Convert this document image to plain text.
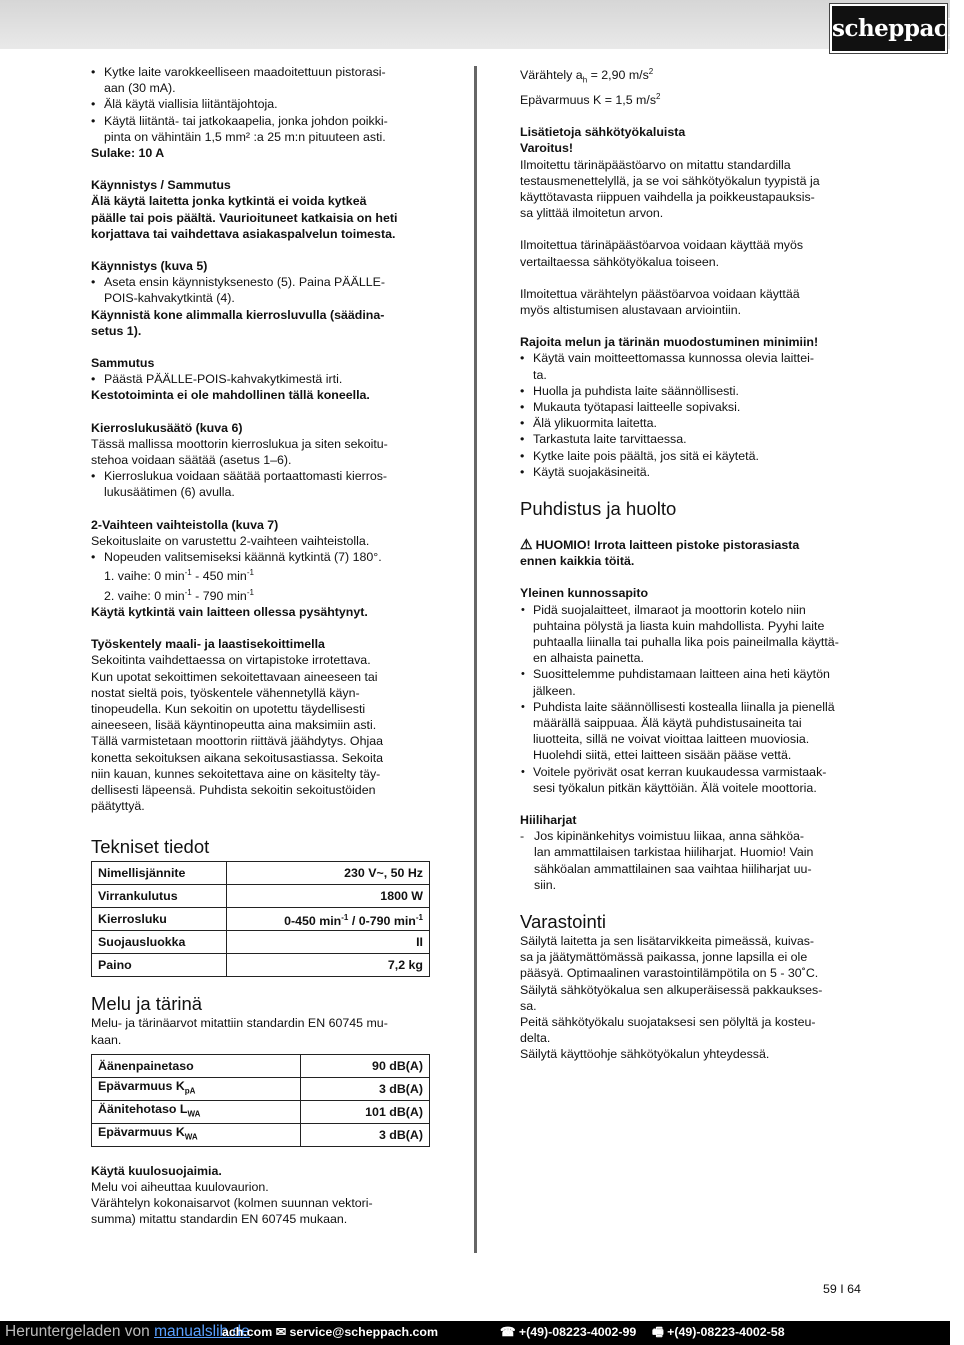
scheppach
• Kytke laite varokkeelliseen maadoitettuun pistorasi-
aan (30 mA).
• Älä käytä viallisia liitäntäjohtoja.
• Käytä liitäntä- tai jatkokaapelia, jonka johdon poikki-
pinta on vähintäin 1,5 mm² :a 25 m:n pituuteen asti.

Sulake: 10 A

Käynnistys / Sammutus

Älä käytä laitetta jonka kytkintä ei voida kytkeä
päälle tai pois päältä. Vaurioituneet katkaisia on heti
korjattava tai vaihdettava asiakaspalvelun toimesta.

Käynnistys (kuva 5)

• Aseta ensin käynnistyksenesto (5). Paina PÄÄLLE-
POIS-kahvakytkintä (4).

Käynnistä kone alimmalla kierrosluvulla (säädina-
setus 1).

Sammutus

• Päästä PÄÄLLE-POIS-kahvakytkimestä irti.

Kestotoiminta ei ole mahdollinen tällä koneella.

Kierroslukusäätö (kuva 6)

Tässä mallissa moottorin kierroslukua ja siten sekoitu-
stehoa voidaan säätää (asetus 1–6).

• Kierroslukua voidaan säätää portaattomasti kierros-
lukusäätimen (6) avulla.

2-Vaihteen vaihteistolla (kuva 7)

Sekoituslaite on varustettu 2-vaihteen vaihteistolla.

• Nopeuden valitsemiseksi käännä kytkintä (7) 180°.

1. vaihe: 0 $\min^{-1} - 450$ $\min^{-1}$

2. vaihe: 0 $\min^{-1} - 790$ $\min^{-1}$

Käytä kytkintä vain laitteen ollessa pysähtynyt.

Työskentely maali- ja laastisekoittimella

Sekoitinta vaihdettaessa on virtapistoke irrotettava.
Kun upotat sekoittimen sekoitettavaan aineeseen tai
nostat sieltä pois, työskentele vähennetyllä käyn-
tinopeudella. Kun sekoitin on upotettu täydellisesti
aineeseen, lisää käyntinopeutta aina maksimiin asti.
Tällä varmistetaan moottorin riittävä jäähdytys. Ohjaa
konetta sekoituksen aikana sekoitusastiassa. Sekoita
niin kauan, kunnes sekoitettava aine on käsitelty täy-
dellisesti läpeensä. Puhdista sekoitin sekoitustöiden
päätyttyä.

Tekniset tiedot

Nimellisjännite	230 V~, 50 Hz
Virrankulutus	1800 W
Kierrosluku	0-450 $\min^{-1} / 0-790$ $\min^{-1}$
Suojausluokka	II
Paino	7,2 kg

Melu ja tärinä

Melu- ja tärinäarvot mitattiin standardin EN 60745 mu-
kaan.

Äänenpainetaso	90 dB(A)
Epävarmuus $K_{pA}$	3 dB(A)
Äänitehotaso $L_{WA}$	101 dB(A)
Epävarmuus $K_{WA}$	3 dB(A)

Käytä kuulosuojaimia.

Melu voi aiheuttaa kuulovaurion.
Värähtelyn kokonaisarvot (kolmen suunnan vektori-
summa) mitattu standardin EN 60745 mukaan.

Värähtely $a_h = 2,90$ $m/s^2$

Epävarmuus K = 1,5 $m/s^2$

Lisätietoja sähkötyökaluista

Varoitus!

Ilmoitettu tärinäpäästöarvo on mitattu standardilla
testausmenettelyllä, ja se voi sähkötyökalun tyypistä ja
käyttötavasta riippuen vaihdella ja poikkeustapauksis-
sa ylittää ilmoitetun arvon.

Ilmoitettua tärinäpäästöarvoa voidaan käyttää myös
vertailtaessa sähkötyökalua toiseen.

Ilmoitettua värähtelyn päästöarvoa voidaan käyttää
myös altistumisen alustavaan arviointiin.

Rajoita melun ja tärinän muodostuminen minimiin!

• Käytä vain moitteettomassa kunnossa olevia laittei-
ta.
• Huolla ja puhdista laite säännöllisesti.
• Mukauta työtapasi laitteelle sopivaksi.
• Älä ylikuormita laitetta.
• Tarkastuta laite tarvittaessa.
• Kytke laite pois päältä, jos sitä ei käytetä.
• Käytä suojakäsineitä.

Puhdistus ja huolto

⚠ HUOMIO! Irrota laitteen pistoke pistorasiasta
ennen kaikkia töitä.

Yleinen kunnossapito

• Pidä suojalaitteet, ilmaraot ja moottorin kotelo niin
puhtaina pölystä ja liasta kuin mahdollista. Pyyhi laite
puhtaalla liinalla tai puhalla lika pois paineilmalla käyttä-
en alhaista painetta.
• Suosittelemme puhdistamaan laitteen aina heti käytön
jälkeen.
• Puhdista laite säännöllisesti kostealla liinalla ja pienellä
määrällä saippuaa. Älä käytä puhdistusaineita tai
liuotteita, sillä ne voivat vioittaa laitteen muoviosia.
Huolehdi siitä, ettei laitteen sisään pääse vettä.
• Voitele pyörivät osat kerran kuukaudessa varmistaak-
sesi työkalun pitkän käyttöiän. Älä voitele moottoria.

Hiiliharjat

- Jos kipinänkehitys voimistuu liikaa, anna sähköa-
lan ammattilaisen tarkistaa hiiliharjat. Huomio! Vain
sähköalan ammattilainen saa vaihtaa hiiliharjat uu-
siin.

Varastointi

Säilytä laitetta ja sen lisätarvikkeita pimeässä, kuivas-
sa ja jäätymättömässä paikassa, jonne lapsilla ei ole
pääsyä. Optimaalinen varastointilämpötila on 5 - 30˚C.
Säilytä sähkötyökalua sen alkuperäisessä pakkaukses-
sa.
Peitä sähkötyökalu suojataksesi sen pölyltä ja kosteu-
delta.
Säilytä käyttöohje sähkötyökalun yhteydessä.

59 I 64
Heruntergeladen von manualslib.de
ach.com ✉ service@scheppach.com	☎ +(49)-08223-4002-99 🖷 +(49)-08223-4002-58
